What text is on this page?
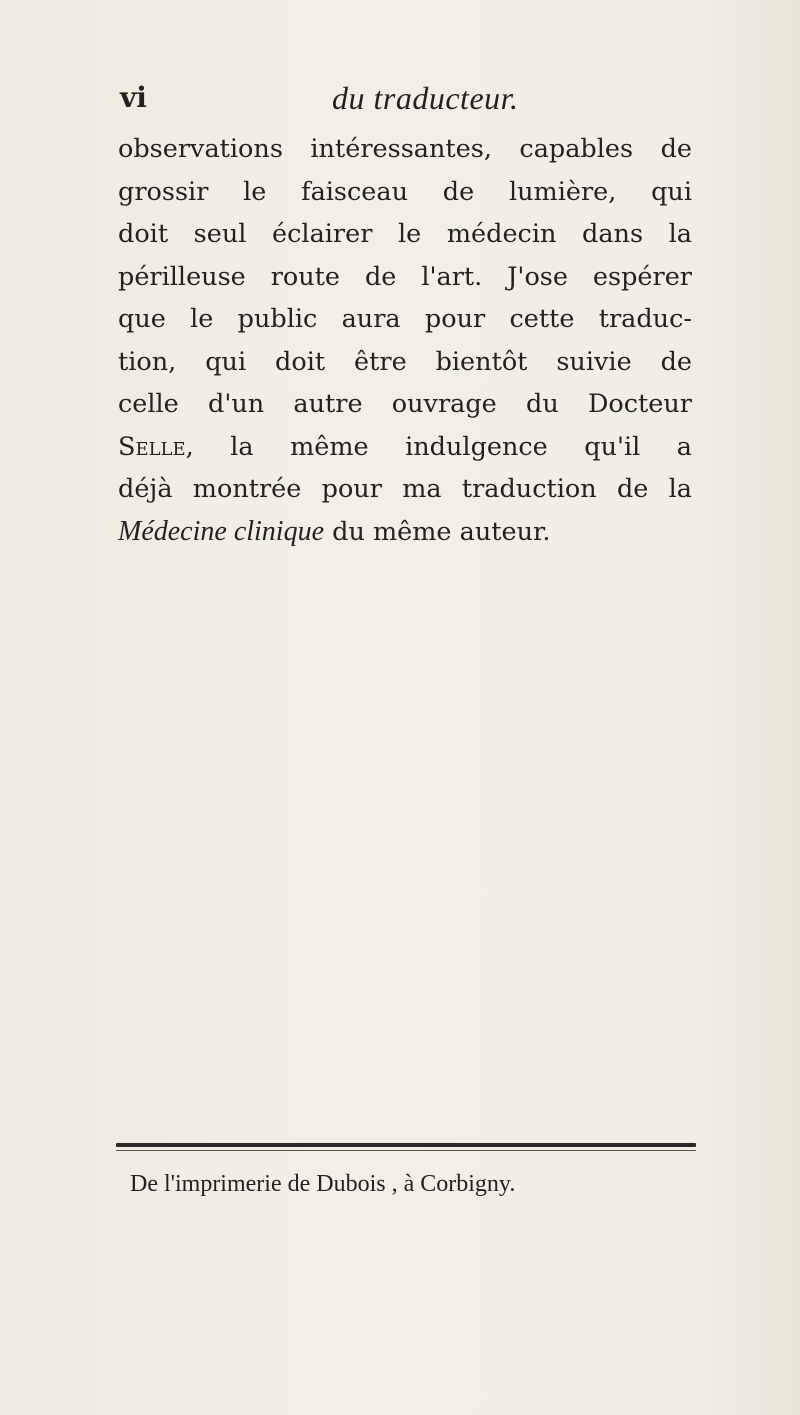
vi	du traducteur.
observations intéressantes, capables de
grossir le faisceau de lumière, qui
doit seul éclairer le médecin dans la
périlleuse route de l'art. J'ose espérer
que le public aura pour cette traduc-
tion, qui doit être bientôt suivie de
celle d'un autre ouvrage du Docteur
Selle, la même indulgence qu'il a
déjà montrée pour ma traduction de la
Médecine clinique du même auteur.
De l'imprimerie de Dubois , à Corbigny.
